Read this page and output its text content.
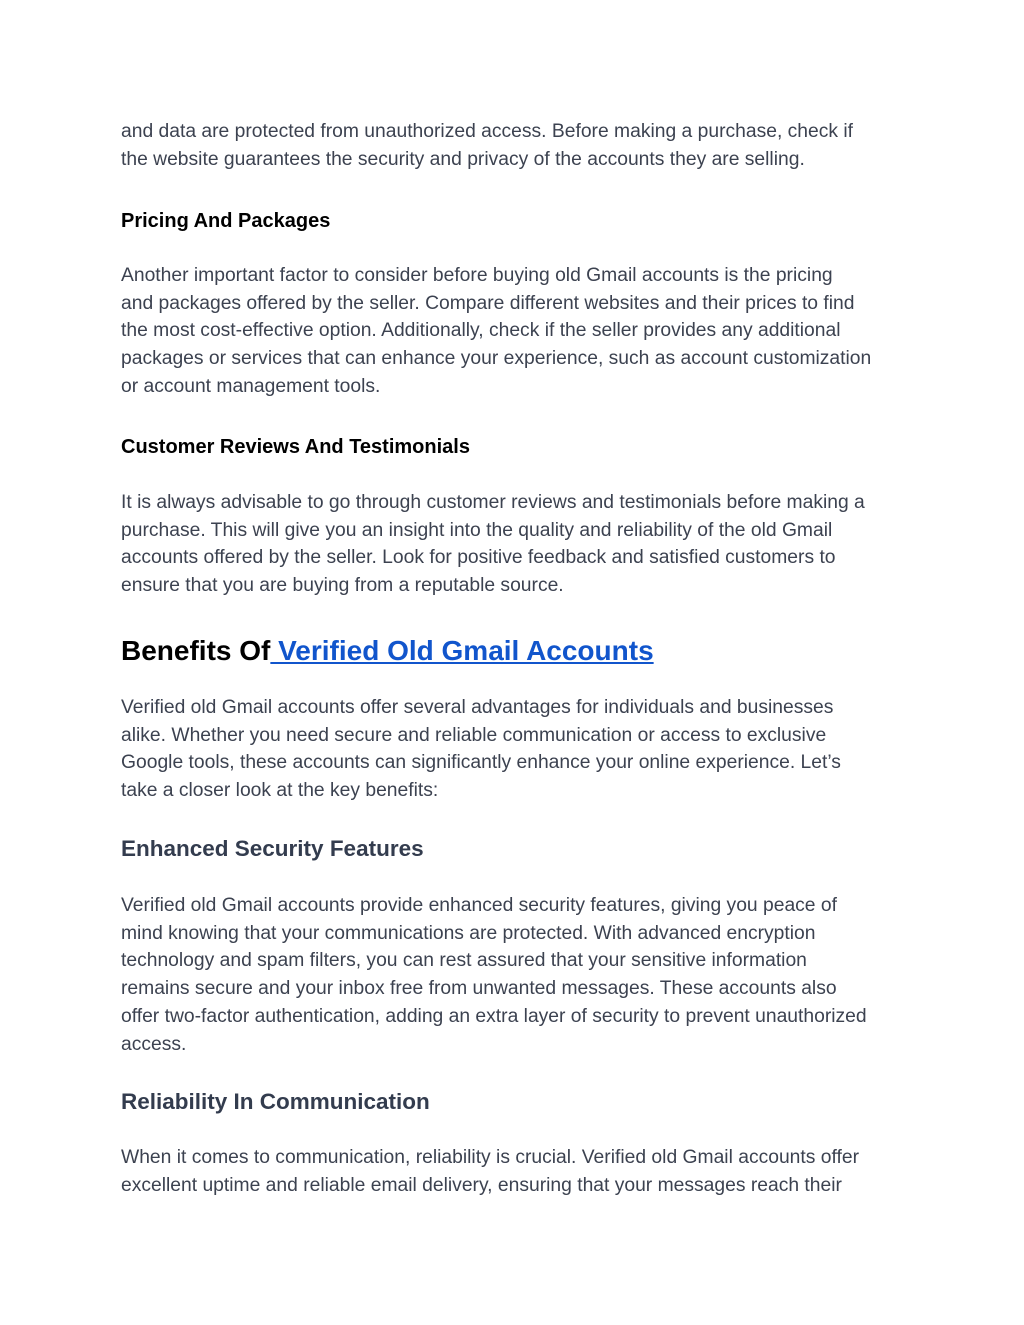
and data are protected from unauthorized access. Before making a purchase, check if
the website guarantees the security and privacy of the accounts they are selling.
Pricing And Packages
Another important factor to consider before buying old Gmail accounts is the pricing
and packages offered by the seller. Compare different websites and their prices to find
the most cost-effective option. Additionally, check if the seller provides any additional
packages or services that can enhance your experience, such as account customization
or account management tools.
Customer Reviews And Testimonials
It is always advisable to go through customer reviews and testimonials before making a
purchase. This will give you an insight into the quality and reliability of the old Gmail
accounts offered by the seller. Look for positive feedback and satisfied customers to
ensure that you are buying from a reputable source.
Benefits Of Verified Old Gmail Accounts
Verified old Gmail accounts offer several advantages for individuals and businesses
alike. Whether you need secure and reliable communication or access to exclusive
Google tools, these accounts can significantly enhance your online experience. Let’s
take a closer look at the key benefits:
Enhanced Security Features
Verified old Gmail accounts provide enhanced security features, giving you peace of
mind knowing that your communications are protected. With advanced encryption
technology and spam filters, you can rest assured that your sensitive information
remains secure and your inbox free from unwanted messages. These accounts also
offer two-factor authentication, adding an extra layer of security to prevent unauthorized
access.
Reliability In Communication
When it comes to communication, reliability is crucial. Verified old Gmail accounts offer
excellent uptime and reliable email delivery, ensuring that your messages reach their
